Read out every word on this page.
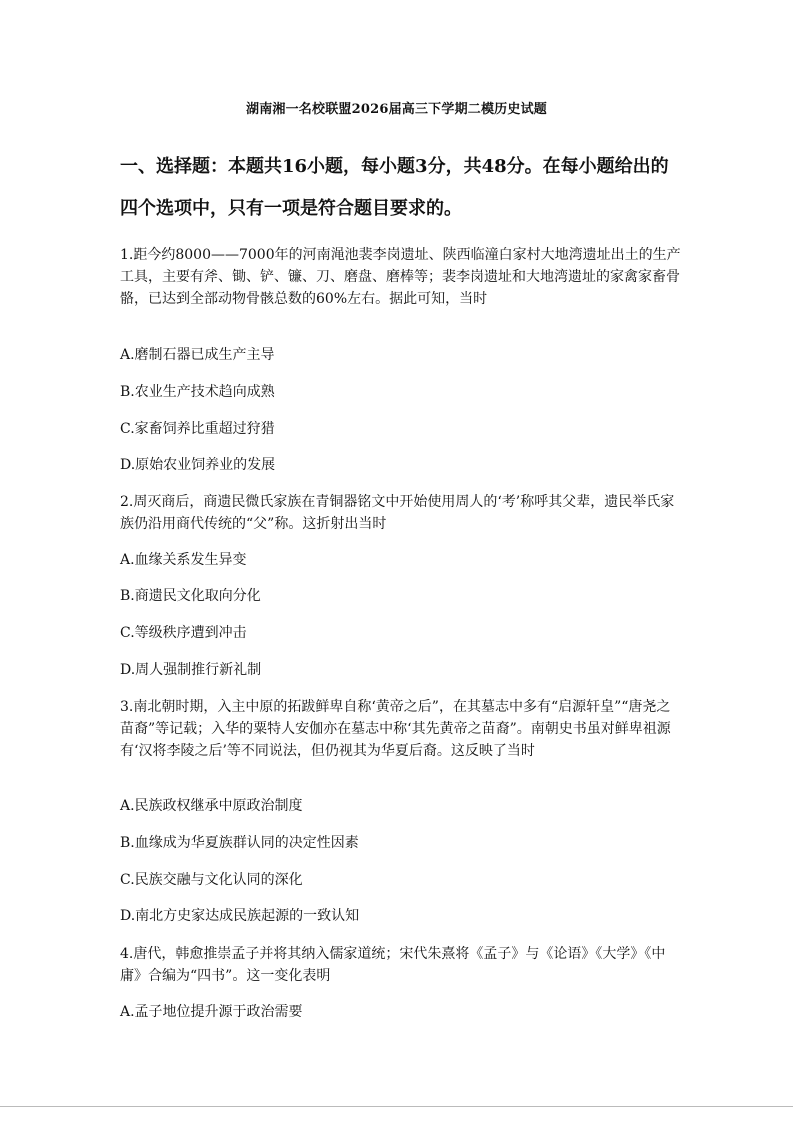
湖南湘一名校联盟2026届高三下学期二模历史试题
一、选择题：本题共16小题，每小题3分，共48分。在每小题给出的四个选项中，只有一项是符合题目要求的。
1.距今约8000——7000年的河南渑池裴李岗遗址、陕西临潼白家村大地湾遗址出土的生产工具，主要有斧、锄、铲、镰、刀、磨盘、磨棒等；裴李岗遗址和大地湾遗址的家禽家畜骨骼，已达到全部动物骨骸总数的60%左右。据此可知，当时
A.磨制石器已成生产主导
B.农业生产技术趋向成熟
C.家畜饲养比重超过狩猎
D.原始农业饲养业的发展
2.周灭商后，商遗民微氏家族在青铜器铭文中开始使用周人的‘考’称呼其父辈，遗民举氏家族仍沿用商代传统的“父”称。这折射出当时
A.血缘关系发生异变
B.商遗民文化取向分化
C.等级秩序遭到冲击
D.周人强制推行新礼制
3.南北朝时期，入主中原的拓跋鲜卑自称‘黄帝之后”，在其墓志中多有“启源轩皇”“唐尧之苗裔”等记载；入华的粟特人安伽亦在墓志中称‘其先黄帝之苗裔”。南朝史书虽对鲜卑祖源有‘汉将李陵之后’等不同说法，但仍视其为华夏后裔。这反映了当时
A.民族政权继承中原政治制度
B.血缘成为华夏族群认同的决定性因素
C.民族交融与文化认同的深化
D.南北方史家达成民族起源的一致认知
4.唐代，韩愈推崇孟子并将其纳入儒家道统；宋代朱熹将《孟子》与《论语》《大学》《中庸》合编为“四书”。这一变化表明
A.孟子地位提升源于政治需要
